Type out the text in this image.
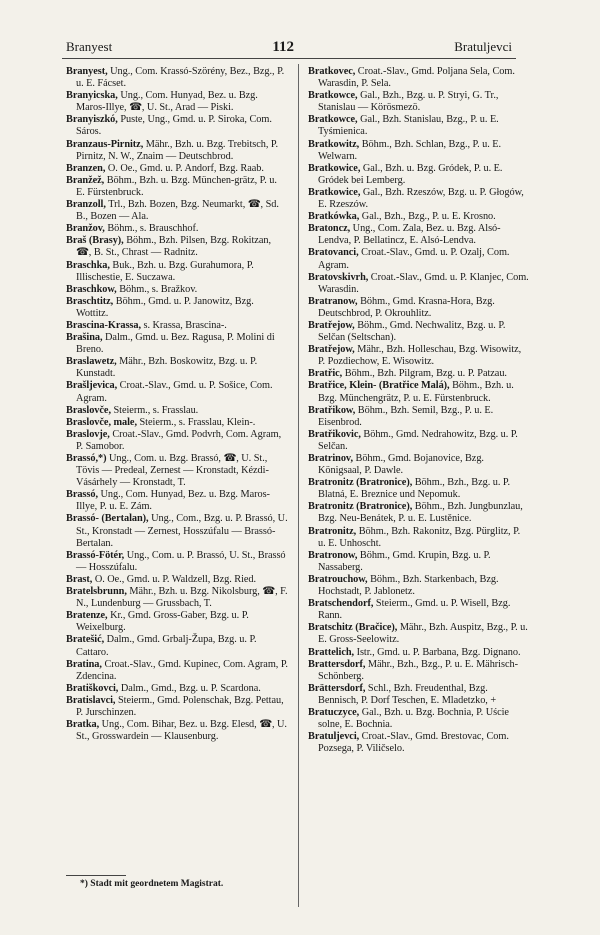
Branyest	112	Bratuljevci

Branyest, Ung., Com. Krassó-Szörény, Bez., Bzg., P. u. E. Fácset.

Branyicska, Ung., Com. Hunyad, Bez. u. Bzg. Maros-Illye, ☎, U. St., Arad — Piski.

Branyiszkó, Puste, Ung., Gmd. u. P. Siroka, Com. Sáros.

Branzaus-Pirnitz, Mähr., Bzh. u. Bzg. Trebitsch, P. Pirnitz, N. W., Znaim — Deutschbrod.

Branzen, O. Oe., Gmd. u. P. Andorf, Bzg. Raab.

Branžež, Böhm., Bzh. u. Bzg. München-grätz, P. u. E. Fürstenbruck.

Branzoll, Trl., Bzh. Bozen, Bzg. Neumarkt, ☎, Sd. B., Bozen — Ala.

Branžov, Böhm., s. Brauschhof.

Braš (Brasy), Böhm., Bzh. Pilsen, Bzg. Rokitzan, ☎, B. St., Chrast — Radnitz.

Braschka, Buk., Bzh. u. Bzg. Gurahumora, P. Illischestie, E. Suczawa.

Braschkow, Böhm., s. Bražkov.

Braschtitz, Böhm., Gmd. u. P. Janowitz, Bzg. Wottitz.

Brascina-Krassa, s. Krassa, Brascina-.

Brašina, Dalm., Gmd. u. Bez. Ragusa, P. Molini di Breno.

Braslawetz, Mähr., Bzh. Boskowitz, Bzg. u. P. Kunstadt.

Brašljevica, Croat.-Slav., Gmd. u. P. Sošice, Com. Agram.

Braslovče, Steierm., s. Frasslau.

Braslovče, male, Steierm., s. Frasslau, Klein-.

Braslovje, Croat.-Slav., Gmd. Podvrh, Com. Agram, P. Samobor.

Brassó,*) Ung., Com. u. Bzg. Brassó, ☎, U. St., Tövis — Predeal, Zernest — Kronstadt, Kézdi-Vásárhely — Kronstadt, T.

Brassó, Ung., Com. Hunyad, Bez. u. Bzg. Maros-Illye, P. u. E. Zám.

Brassó- (Bertalan), Ung., Com., Bzg. u. P. Brassó, U. St., Kronstadt — Zernest, Hosszúfalu — Brassó-Bertalan.

Brassó-Fötér, Ung., Com. u. P. Brassó, U. St., Brassó — Hosszúfalu.

Brast, O. Oe., Gmd. u. P. Waldzell, Bzg. Ried.

Bratelsbrunn, Mähr., Bzh. u. Bzg. Nikolsburg, ☎, F. N., Lundenburg — Grussbach, T.

Bratenze, Kr., Gmd. Gross-Gaber, Bzg. u. P. Weixelburg.

Bratešić, Dalm., Gmd. Grbalj-Župa, Bzg. u. P. Cattaro.

Bratina, Croat.-Slav., Gmd. Kupinec, Com. Agram, P. Zdencina.

Bratiškovci, Dalm., Gmd., Bzg. u. P. Scardona.

Bratislavci, Steierm., Gmd. Polenschak, Bzg. Pettau, P. Jurschinzen.

Bratka, Ung., Com. Bihar, Bez. u. Bzg. Elesd, ☎, U. St., Grosswardein — Klausenburg.

Bratkovec, Croat.-Slav., Gmd. Poljana Sela, Com. Warasdin, P. Sela.

Bratkowce, Gal., Bzh., Bzg. u. P. Stryi, G. Tr., Stanislau — Körösmezö.

Bratkowce, Gal., Bzh. Stanislau, Bzg., P. u. E. Tyśmienica.

Bratkowitz, Böhm., Bzh. Schlan, Bzg., P. u. E. Welwarn.

Bratkowice, Gal., Bzh. u. Bzg. Gródek, P. u. E. Gródek bei Lemberg.

Bratkowice, Gal., Bzh. Rzeszów, Bzg. u. P. Głogów, E. Rzeszów.

Bratkówka, Gal., Bzh., Bzg., P. u. E. Krosno.

Bratoncz, Ung., Com. Zala, Bez. u. Bzg. Alsó-Lendva, P. Bellatincz, E. Alsó-Lendva.

Bratovanci, Croat.-Slav., Gmd. u. P. Ozalj, Com. Agram.

Bratovskivrh, Croat.-Slav., Gmd. u. P. Klanjec, Com. Warasdin.

Bratranow, Böhm., Gmd. Krasna-Hora, Bzg. Deutschbrod, P. Okrouhlitz.

Bratřejow, Böhm., Gmd. Nechwalitz, Bzg. u. P. Selčan (Seltschan).

Bratřejow, Mähr., Bzh. Holleschau, Bzg. Wisowitz, P. Pozdiechow, E. Wisowitz.

Bratřic, Böhm., Bzh. Pilgram, Bzg. u. P. Patzau.

Bratřice, Klein- (Bratřice Malá), Böhm., Bzh. u. Bzg. Münchengrätz, P. u. E. Fürstenbruck.

Bratřikow, Böhm., Bzh. Semil, Bzg., P. u. E. Eisenbrod.

Bratřikovic, Böhm., Gmd. Nedrahowitz, Bzg. u. P. Selčan.

Bratrinov, Böhm., Gmd. Bojanovice, Bzg. Königsaal, P. Dawle.

Bratronitz (Bratronice), Böhm., Bzh., Bzg. u. P. Blatná, E. Breznice und Nepomuk.

Bratronitz (Bratronice), Böhm., Bzh. Jungbunzlau, Bzg. Neu-Benátek, P. u. E. Lustěnice.

Bratronitz, Böhm., Bzh. Rakonitz, Bzg. Pürglitz, P. u. E. Unhoscht.

Bratronow, Böhm., Gmd. Krupin, Bzg. u. P. Nassaberg.

Bratrouchow, Böhm., Bzh. Starkenbach, Bzg. Hochstadt, P. Jablonetz.

Bratschendorf, Steierm., Gmd. u. P. Wisell, Bzg. Rann.

Bratschitz (Bračice), Mähr., Bzh. Auspitz, Bzg., P. u. E. Gross-Seelowitz.

Brattelich, Istr., Gmd. u. P. Barbana, Bzg. Dignano.

Brattersdorf, Mähr., Bzh., Bzg., P. u. E. Mährisch-Schönberg.

Brättersdorf, Schl., Bzh. Freudenthal, Bzg. Bennisch, P. Dorf Teschen, E. Mladetzko, +

Bratuczyce, Gal., Bzh. u. Bzg. Bochnia, P. Uście solne, E. Bochnia.

Bratuljevci, Croat.-Slav., Gmd. Brestovac, Com. Pozsega, P. Viličselo.

*) Stadt mit geordnetem Magistrat.
